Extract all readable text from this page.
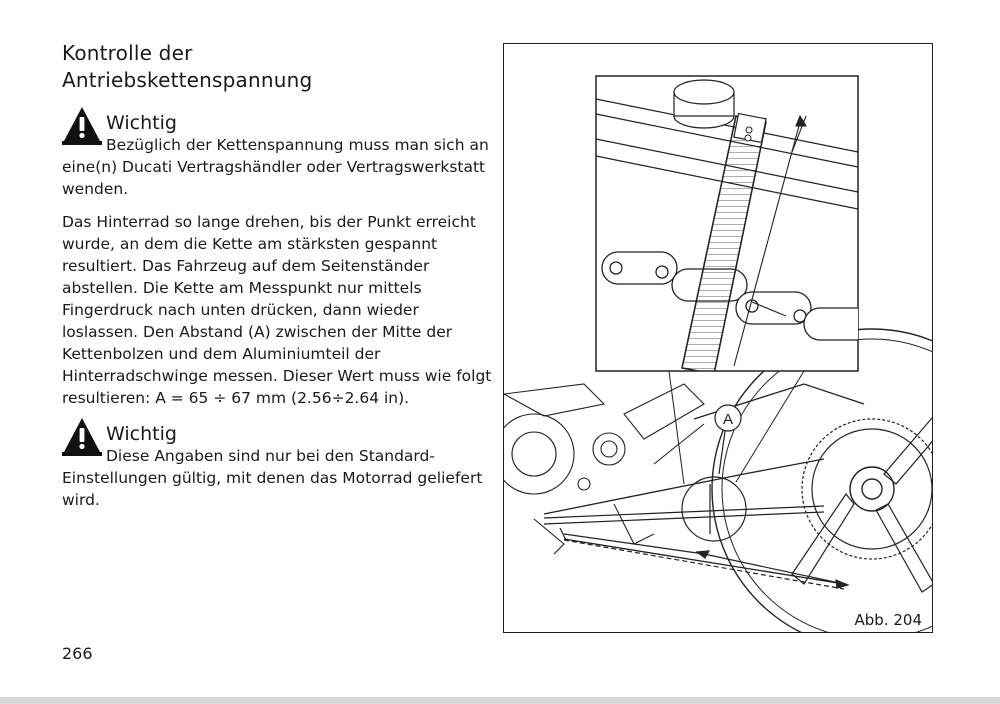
Kontrolle der
Antriebskettenspannung
Wichtig

Bezüglich der Kettenspannung muss man sich an eine(n) Ducati Vertragshändler oder Vertragswerkstatt wenden.

Das Hinterrad so lange drehen, bis der Punkt erreicht wurde, an dem die Kette am stärksten gespannt resultiert. Das Fahrzeug auf dem Seitenständer abstellen. Die Kette am Messpunkt nur mittels Fingerdruck nach unten drücken, dann wieder loslassen. Den Abstand (A) zwischen der Mitte der Kettenbolzen und dem Aluminiumteil der Hinterradschwinge messen. Dieser Wert muss wie folgt resultieren: A = 65 ÷ 67 mm (2.56÷2.64 in).

Wichtig

Diese Angaben sind nur bei den Standard-Einstellungen gültig, mit denen das Motorrad geliefert wird.

266
A
Abb. 204
